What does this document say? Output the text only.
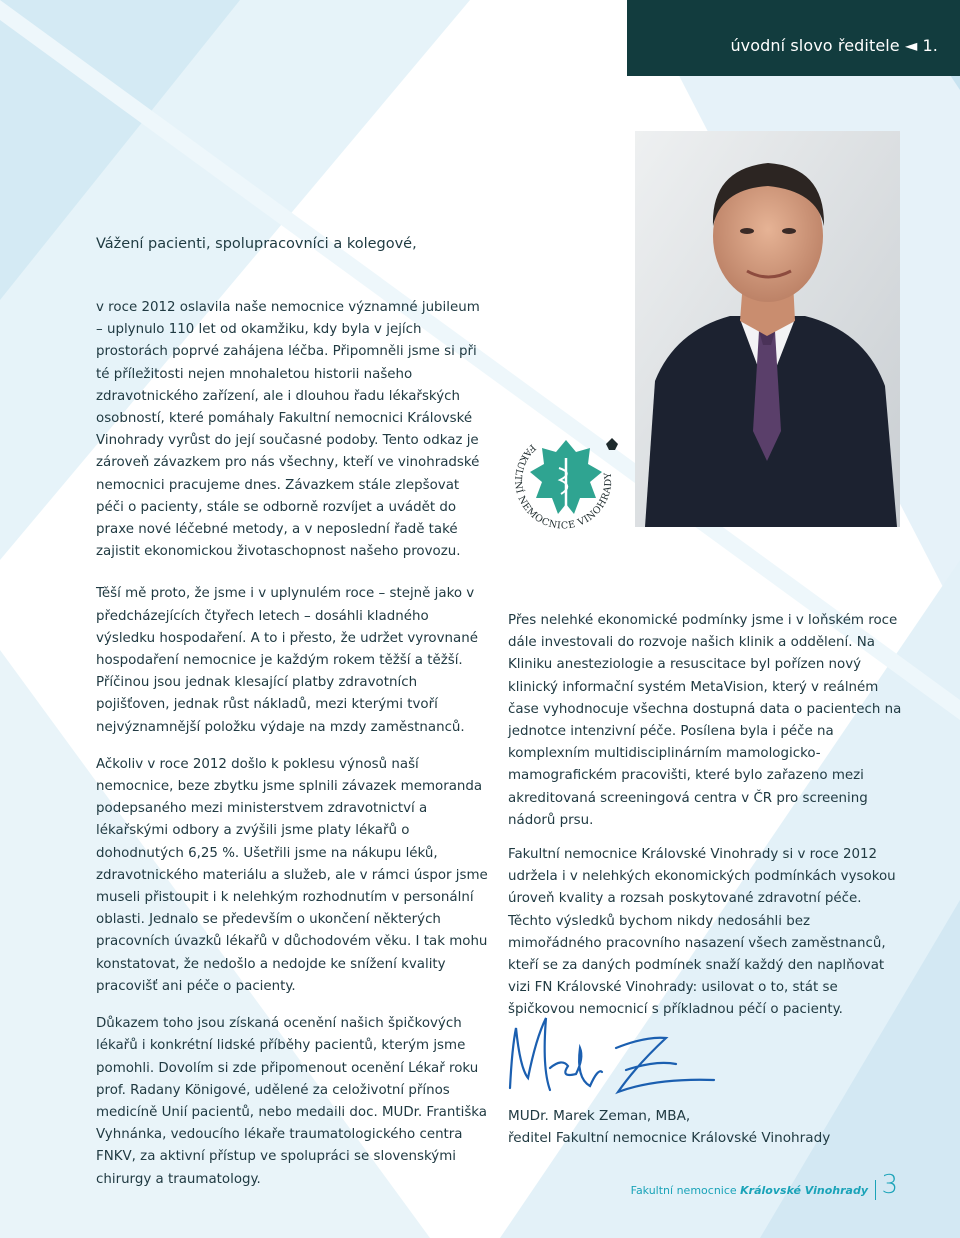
úvodní slovo ředitele ◄ 1.
Vážení pacienti, spolupracovníci a kolegové,

v roce 2012 oslavila naše nemocnice významné jubileum – uplynulo 110 let od okamžiku, kdy byla v jejích prostorách poprvé zahájena léčba. Připomněli jsme si při té příležitosti nejen mnohaletou historii našeho zdravotnického zařízení, ale i dlouhou řadu lékařských osobností, které pomáhaly Fakultní nemocnici Královské Vinohrady vyrůst do její současné podoby. Tento odkaz je zároveň závazkem pro nás všechny, kteří ve vinohradské nemocnici pracujeme dnes. Závazkem stále zlepšovat péči o pacienty, stále se odborně rozvíjet a uvádět do praxe nové léčebné metody, a v neposlední řadě také zajistit ekonomickou životaschopnost našeho provozu.

Těší mě proto, že jsme i v uplynulém roce – stejně jako v předcházejících čtyřech letech – dosáhli kladného výsledku hospodaření. A to i přesto, že udržet vyrovnané hospodaření nemocnice je každým rokem těžší a těžší. Příčinou jsou jednak klesající platby zdravotních pojišťoven, jednak růst nákladů, mezi kterými tvoří nejvýznamnější položku výdaje na mzdy zaměstnanců.

Ačkoliv v roce 2012 došlo k poklesu výnosů naší nemocnice, beze zbytku jsme splnili závazek memoranda podepsaného mezi ministerstvem zdravotnictví a lékařskými odbory a zvýšili jsme platy lékařů o dohodnutých 6,25 %. Ušetřili jsme na nákupu léků, zdravotnického materiálu a služeb, ale v rámci úspor jsme museli přistoupit i k nelehkým rozhodnutím v personální oblasti. Jednalo se především o ukončení některých pracovních úvazků lékařů v důchodovém věku. I tak mohu konstatovat, že nedošlo a nedojde ke snížení kvality pracovišť ani péče o pacienty.

Důkazem toho jsou získaná ocenění našich špičkových lékařů i konkrétní lidské příběhy pacientů, kterým jsme pomohli. Dovolím si zde připomenout ocenění Lékař roku prof. Radany Königové, udělené za celoživotní přínos medicíně Unií pacientů, nebo medaili doc. MUDr. Františka Vyhnánka, vedoucího lékaře traumatologického centra FNKV, za aktivní přístup ve spolupráci se slovenskými chirurgy a traumatology.

FAKULTNÍ NEMOCNICE VINOHRADY

Přes nelehké ekonomické podmínky jsme i v loňském roce dále investovali do rozvoje našich klinik a oddělení. Na Kliniku anesteziologie a resuscitace byl pořízen nový klinický informační systém MetaVision, který v reálném čase vyhodnocuje všechna dostupná data o pacientech na jednotce intenzivní péče. Posílena byla i péče na komplexním multidisciplinárním mamologicko-mamografickém pracovišti, které bylo zařazeno mezi akreditovaná screeningová centra v ČR pro screening nádorů prsu.

Fakultní nemocnice Královské Vinohrady si v roce 2012 udržela i v nelehkých ekonomických podmínkách vysokou úroveň kvality a rozsah poskytované zdravotní péče. Těchto výsledků bychom nikdy nedosáhli bez mimořádného pracovního nasazení všech zaměstnanců, kteří se za daných podmínek snaží každý den naplňovat vizi FN Královské Vinohrady: usilovat o to, stát se špičkovou nemocnicí s příkladnou péčí o pacienty.

MUDr. Marek Zeman, MBA,
ředitel Fakultní nemocnice Královské Vinohrady
Fakultní nemocnice Královské Vinohrady 3
